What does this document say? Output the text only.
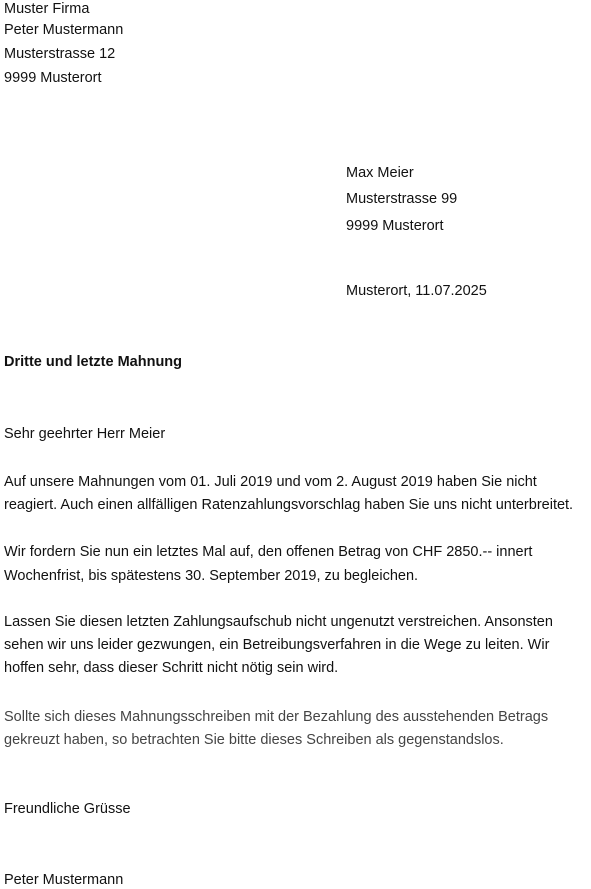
Muster Firma
Peter Mustermann
Musterstrasse 12
9999 Musterort
Max Meier
Musterstrasse 99
9999 Musterort
Musterort, 11.07.2025
Dritte und letzte Mahnung
Sehr geehrter Herr Meier
Auf unsere Mahnungen vom 01. Juli 2019 und vom 2. August 2019 haben Sie nicht
reagiert. Auch einen allfälligen Ratenzahlungsvorschlag haben Sie uns nicht unterbreitet.
Wir fordern Sie nun ein letztes Mal auf, den offenen Betrag von CHF 2850.-- innert
Wochenfrist, bis spätestens 30. September 2019, zu begleichen.
Lassen Sie diesen letzten Zahlungsaufschub nicht ungenutzt verstreichen. Ansonsten
sehen wir uns leider gezwungen, ein Betreibungsverfahren in die Wege zu leiten. Wir
hoffen sehr, dass dieser Schritt nicht nötig sein wird.
Sollte sich dieses Mahnungsschreiben mit der Bezahlung des ausstehenden Betrags
gekreuzt haben, so betrachten Sie bitte dieses Schreiben als gegenstandslos.
Freundliche Grüsse
Peter Mustermann
